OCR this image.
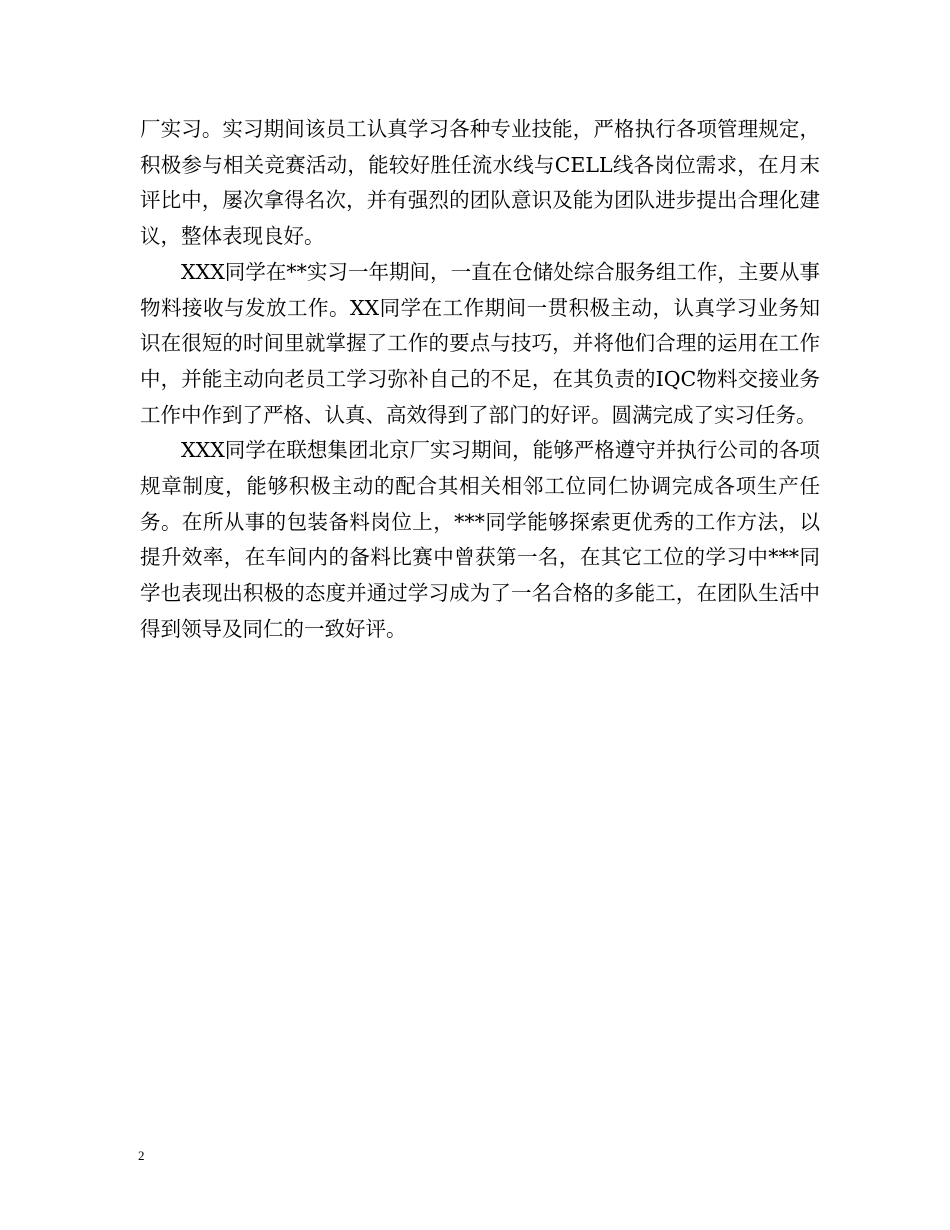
厂实习。实习期间该员工认真学习各种专业技能，严格执行各项管理规定，积极参与相关竞赛活动，能较好胜任流水线与CELL线各岗位需求，在月末评比中，屡次拿得名次，并有强烈的团队意识及能为团队进步提出合理化建议，整体表现良好。

XXX同学在**实习一年期间，一直在仓储处综合服务组工作，主要从事物料接收与发放工作。XX同学在工作期间一贯积极主动，认真学习业务知识在很短的时间里就掌握了工作的要点与技巧，并将他们合理的运用在工作中，并能主动向老员工学习弥补自己的不足，在其负责的IQC物料交接业务工作中作到了严格、认真、高效得到了部门的好评。圆满完成了实习任务。

XXX同学在联想集团北京厂实习期间，能够严格遵守并执行公司的各项规章制度，能够积极主动的配合其相关相邻工位同仁协调完成各项生产任务。在所从事的包装备料岗位上，***同学能够探索更优秀的工作方法，以提升效率，在车间内的备料比赛中曾获第一名，在其它工位的学习中***同学也表现出积极的态度并通过学习成为了一名合格的多能工，在团队生活中得到领导及同仁的一致好评。

2
